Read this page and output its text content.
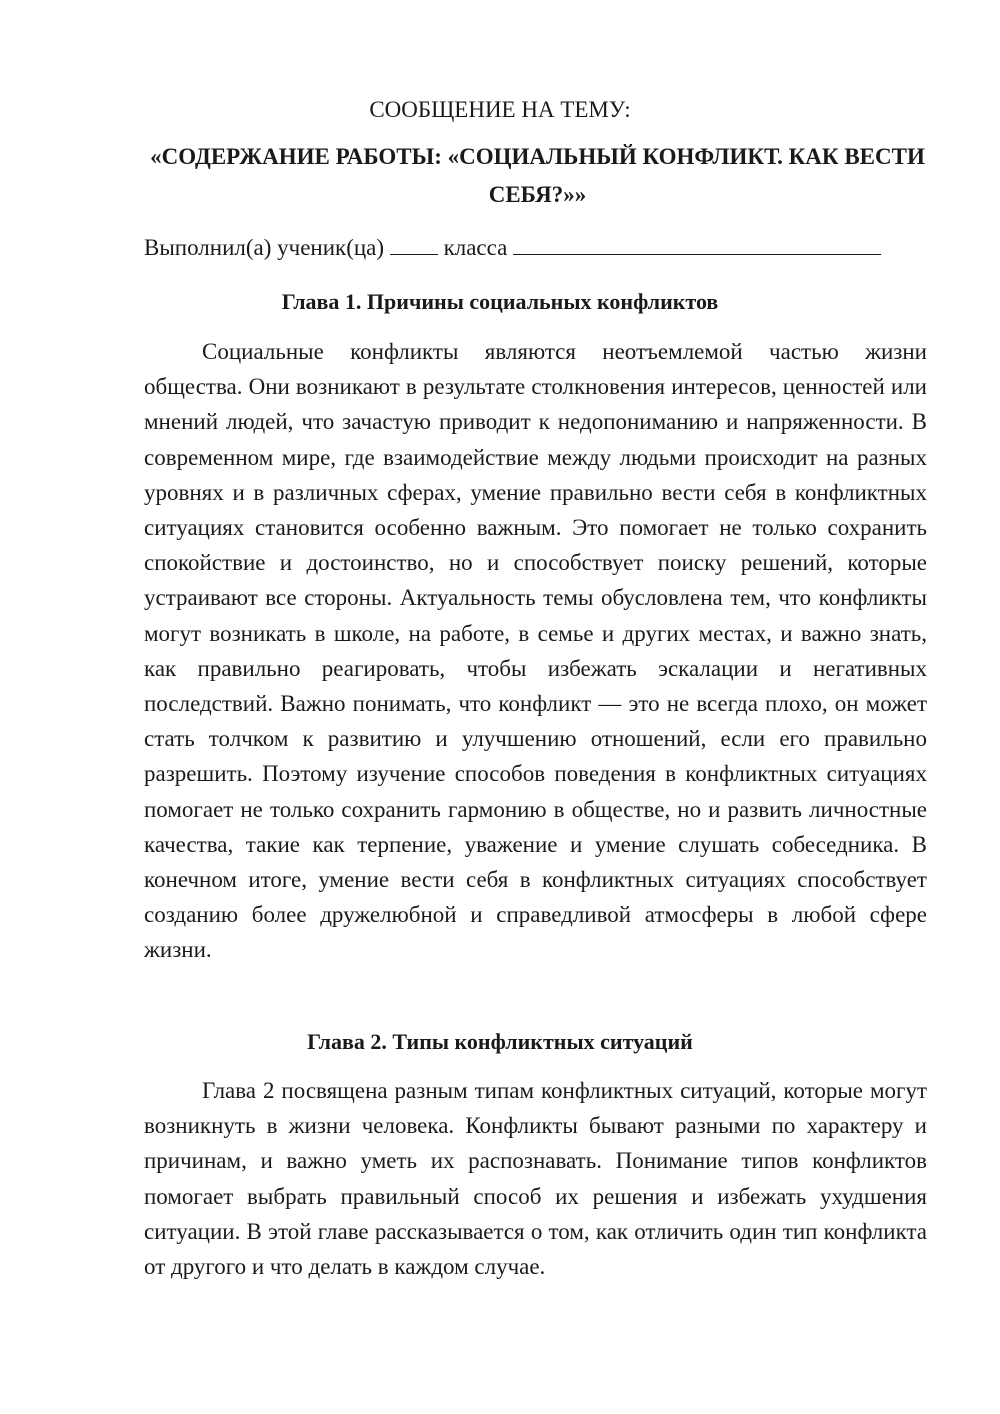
СООБЩЕНИЕ НА ТЕМУ:
«СОДЕРЖАНИЕ РАБОТЫ: «СОЦИАЛЬНЫЙ КОНФЛИКТ. КАК ВЕСТИ СЕБЯ?»»
Выполнил(а) ученик(ца)	класса
Глава 1. Причины социальных конфликтов

Социальные конфликты являются неотъемлемой частью жизни общества. Они возникают в результате столкновения интересов, ценностей или мнений людей, что зачастую приводит к недопониманию и напряженности. В современном мире, где взаимодействие между людьми происходит на разных уровнях и в различных сферах, умение правильно вести себя в конфликтных ситуациях становится особенно важным. Это помогает не только сохранить спокойствие и достоинство, но и способствует поиску решений, которые устраивают все стороны. Актуальность темы обусловлена тем, что конфликты могут возникать в школе, на работе, в семье и других местах, и важно знать, как правильно реагировать, чтобы избежать эскалации и негативных последствий. Важно понимать, что конфликт — это не всегда плохо, он может стать толчком к развитию и улучшению отношений, если его правильно разрешить. Поэтому изучение способов поведения в конфликтных ситуациях помогает не только сохранить гармонию в обществе, но и развить личностные качества, такие как терпение, уважение и умение слушать собеседника. В конечном итоге, умение вести себя в конфликтных ситуациях способствует созданию более дружелюбной и справедливой атмосферы в любой сфере жизни.

Глава 2. Типы конфликтных ситуаций

Глава 2 посвящена разным типам конфликтных ситуаций, которые могут возникнуть в жизни человека. Конфликты бывают разными по характеру и причинам, и важно уметь их распознавать. Понимание типов конфликтов помогает выбрать правильный способ их решения и избежать ухудшения ситуации. В этой главе рассказывается о том, как отличить один тип конфликта от другого и что делать в каждом случае.
